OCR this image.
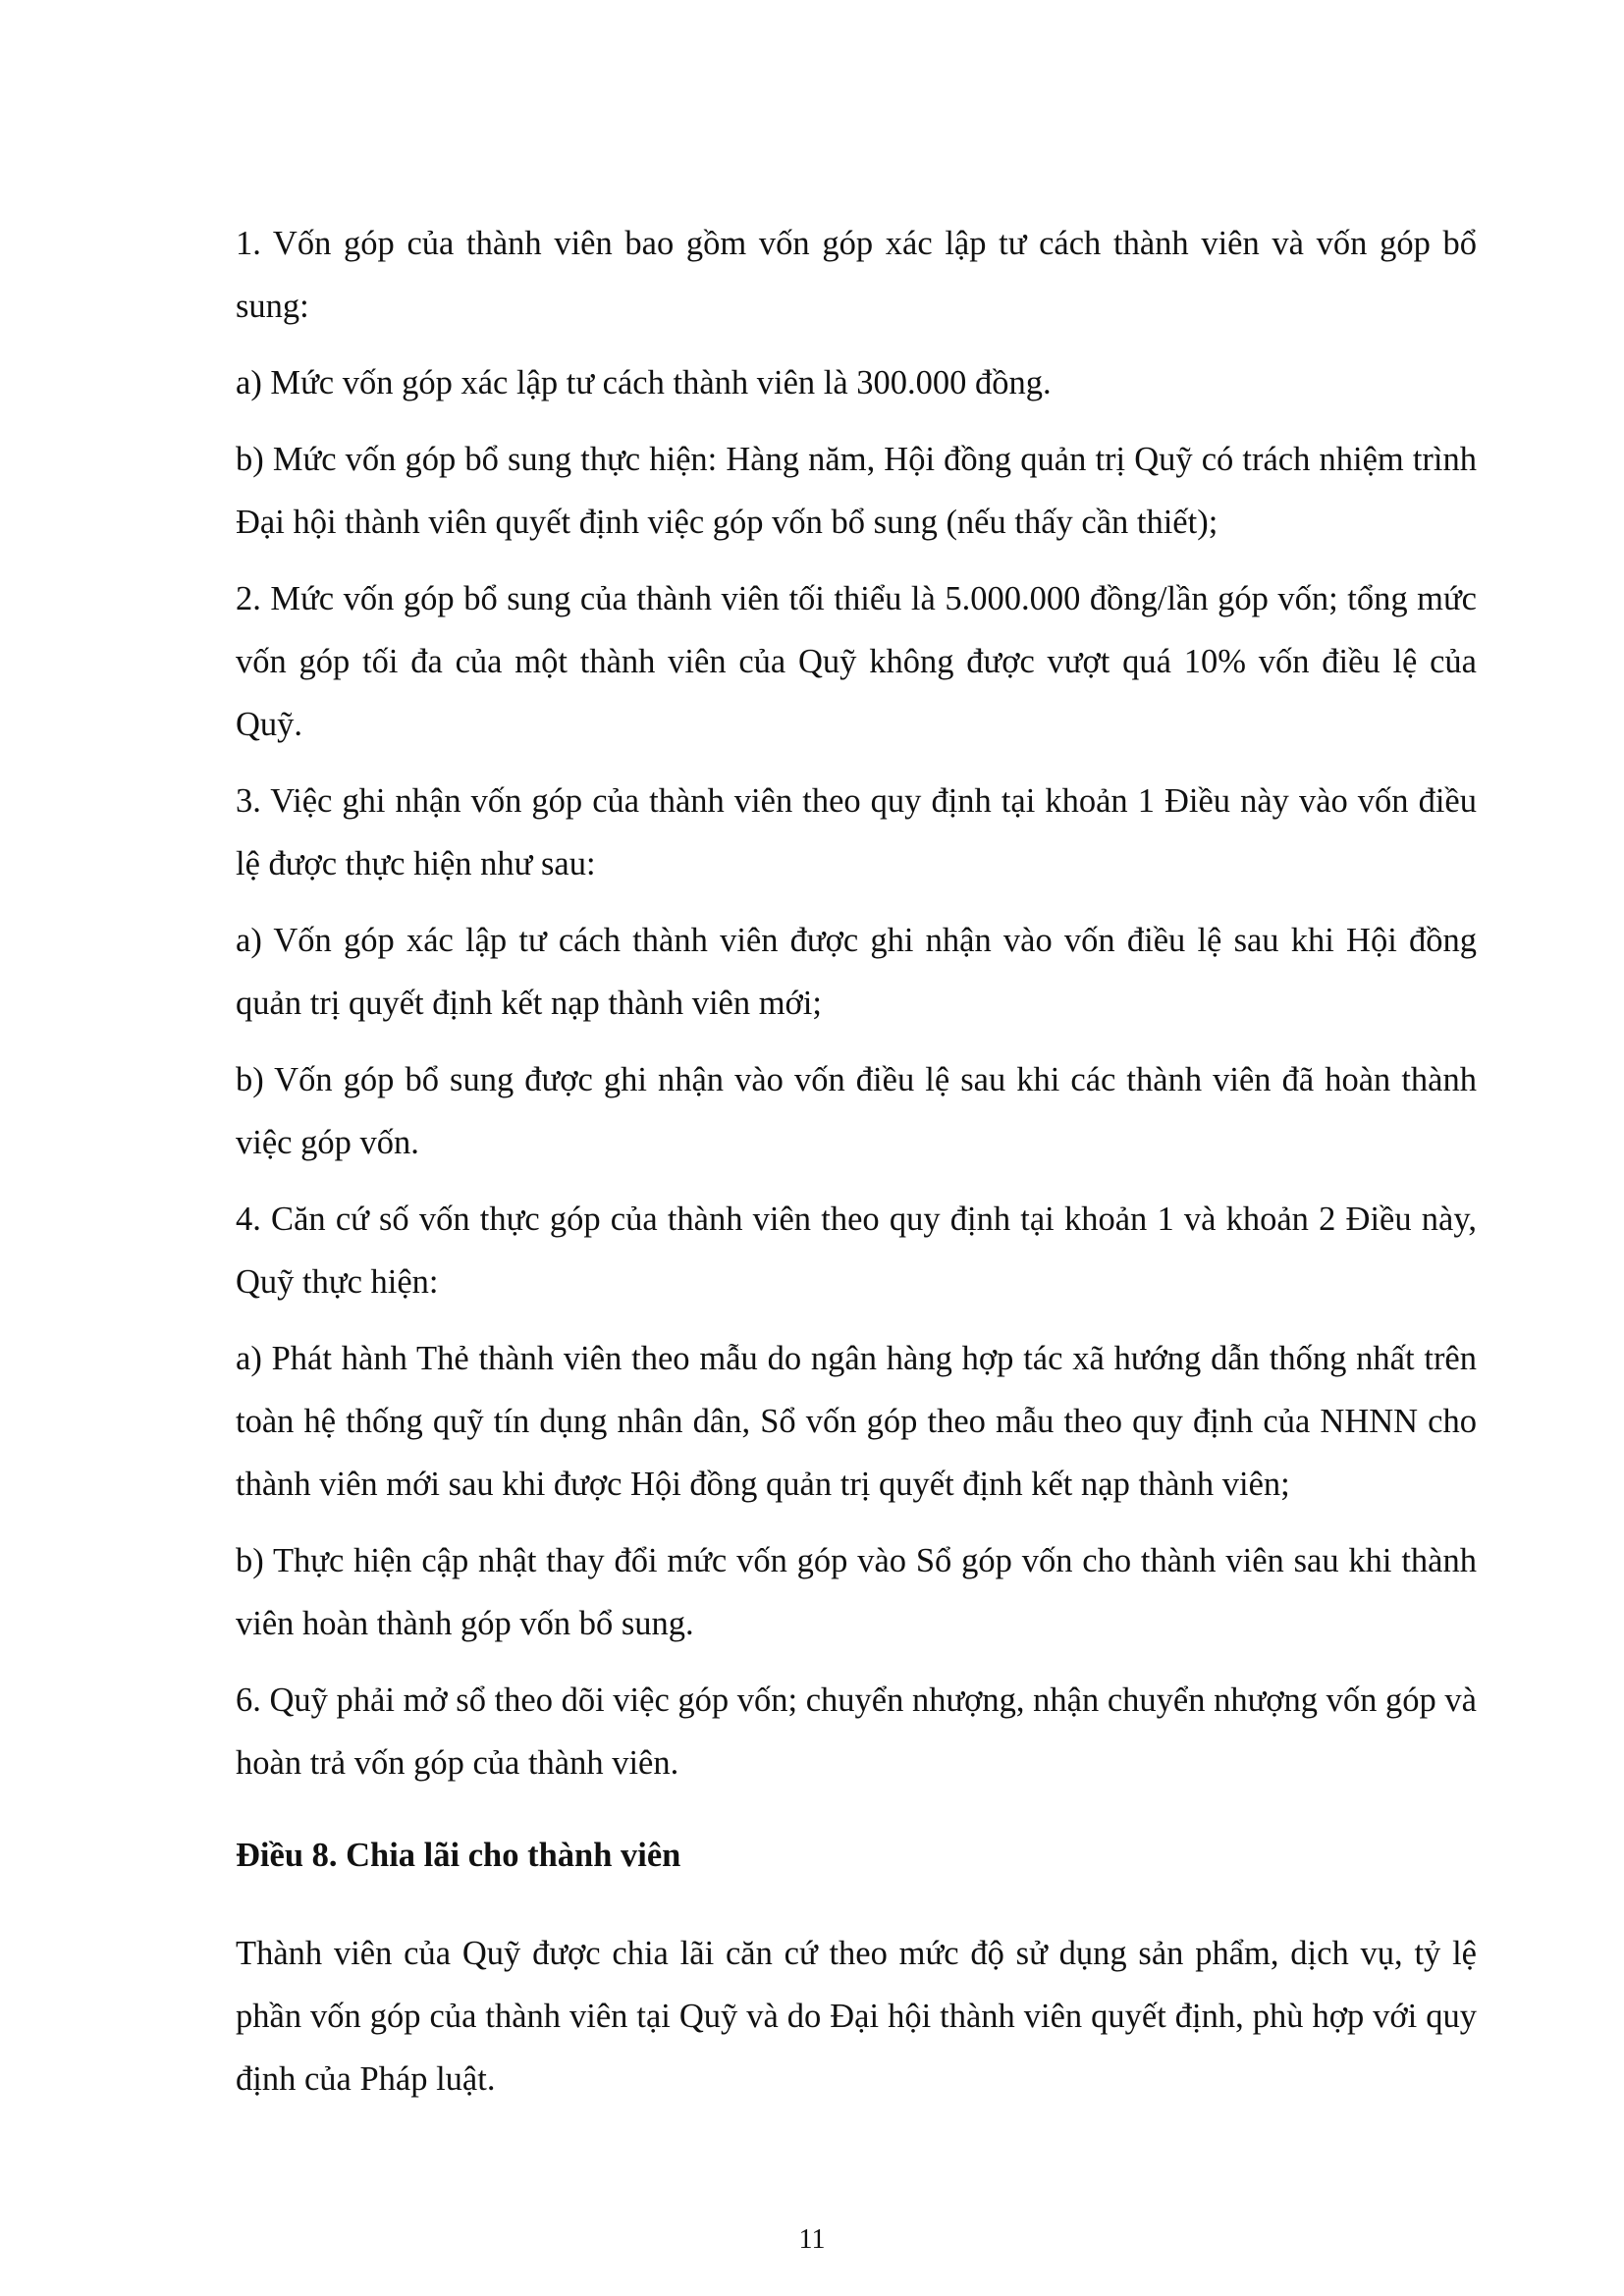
1. Vốn góp của thành viên bao gồm vốn góp xác lập tư cách thành viên và vốn góp bổ sung:

a) Mức vốn góp xác lập tư cách thành viên là 300.000 đồng.

b) Mức vốn góp bổ sung thực hiện: Hàng năm, Hội đồng quản trị Quỹ có trách nhiệm trình Đại hội thành viên quyết định việc góp vốn bổ sung (nếu thấy cần thiết);

2. Mức vốn góp bổ sung của thành viên tối thiểu là 5.000.000 đồng/lần góp vốn; tổng mức vốn góp tối đa của một thành viên của Quỹ không được vượt quá 10% vốn điều lệ của Quỹ.

3. Việc ghi nhận vốn góp của thành viên theo quy định tại khoản 1 Điều này vào vốn điều lệ được thực hiện như sau:

a) Vốn góp xác lập tư cách thành viên được ghi nhận vào vốn điều lệ sau khi Hội đồng quản trị quyết định kết nạp thành viên mới;

b) Vốn góp bổ sung được ghi nhận vào vốn điều lệ sau khi các thành viên đã hoàn thành việc góp vốn.

4. Căn cứ số vốn thực góp của thành viên theo quy định tại khoản 1 và khoản 2 Điều này, Quỹ thực hiện:

a) Phát hành Thẻ thành viên theo mẫu do ngân hàng hợp tác xã hướng dẫn thống nhất trên toàn hệ thống quỹ tín dụng nhân dân, Sổ vốn góp theo mẫu theo quy định của NHNN cho thành viên mới sau khi được Hội đồng quản trị quyết định kết nạp thành viên;

b) Thực hiện cập nhật thay đổi mức vốn góp vào Sổ góp vốn cho thành viên sau khi thành viên hoàn thành góp vốn bổ sung.

6. Quỹ phải mở sổ theo dõi việc góp vốn; chuyển nhượng, nhận chuyển nhượng vốn góp và hoàn trả vốn góp của thành viên.

Điều 8. Chia lãi cho thành viên

Thành viên của Quỹ được chia lãi căn cứ theo mức độ sử dụng sản phẩm, dịch vụ, tỷ lệ phần vốn góp của thành viên tại Quỹ và do Đại hội thành viên quyết định, phù hợp với quy định của Pháp luật.

11
